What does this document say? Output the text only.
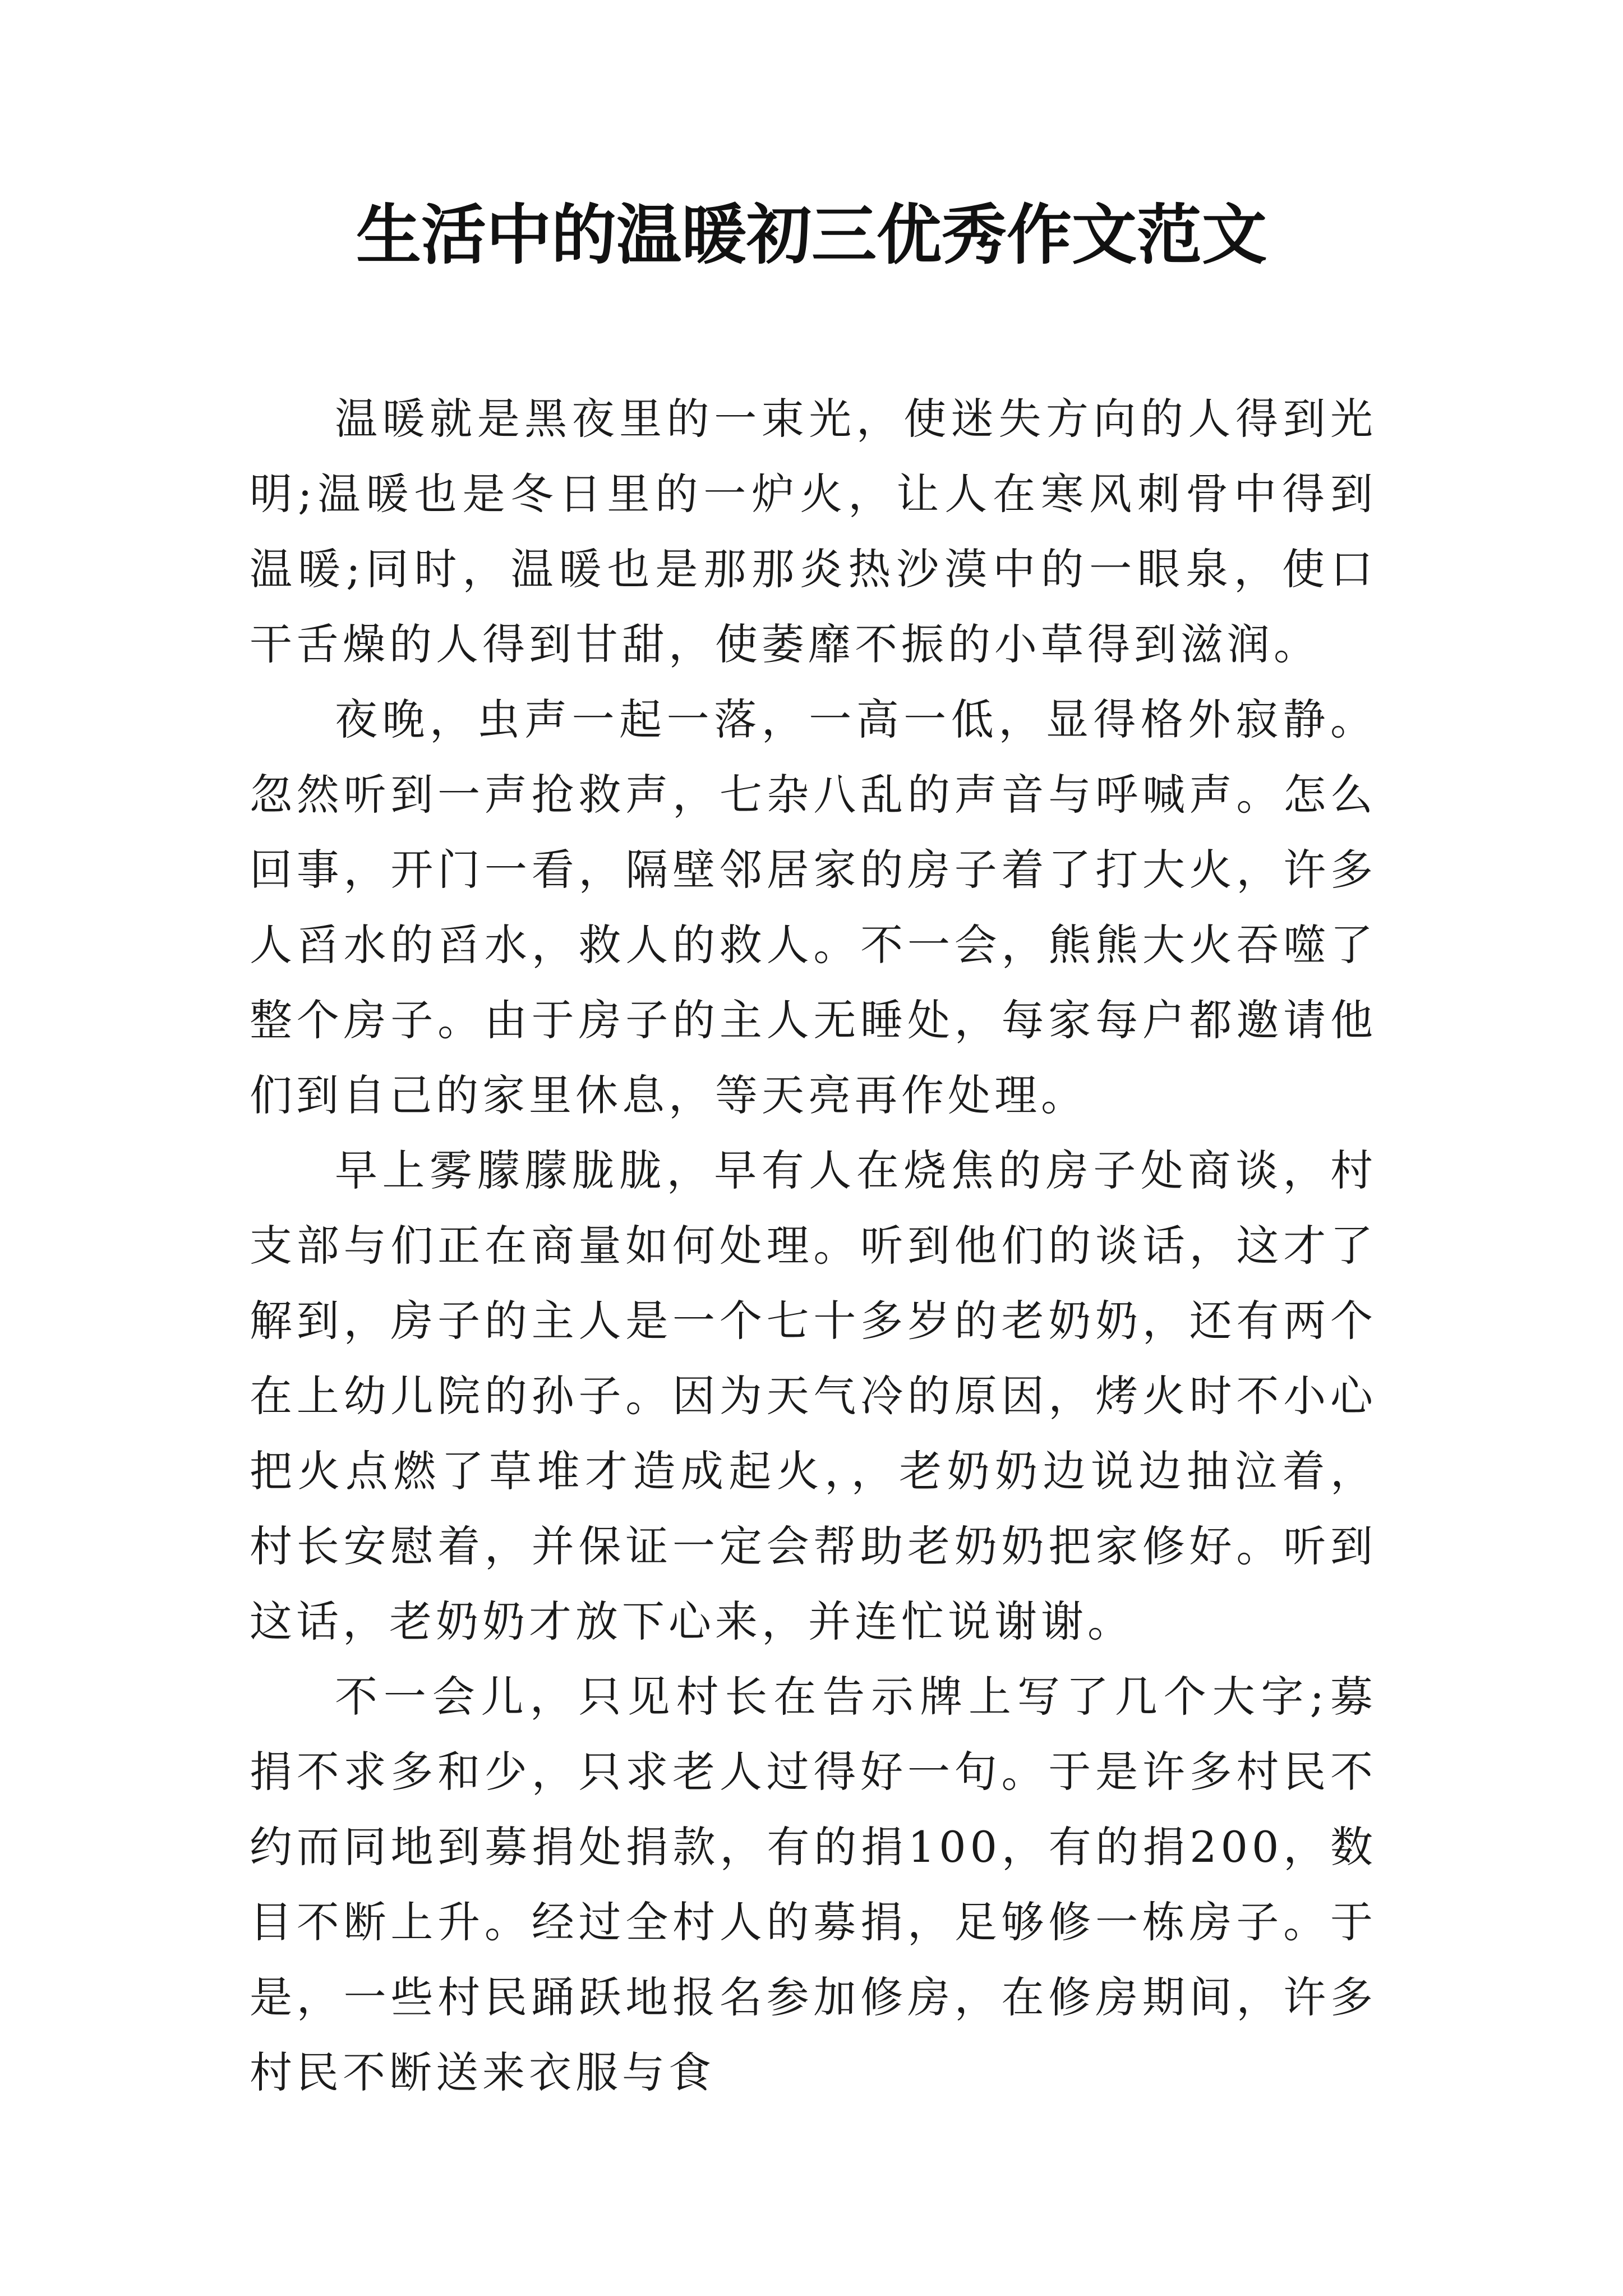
生活中的温暖初三优秀作文范文

温暖就是黑夜里的一束光，使迷失方向的人得到光明;温暖也是冬日里的一炉火，让人在寒风刺骨中得到温暖;同时，温暖也是那那炎热沙漠中的一眼泉，使口干舌燥的人得到甘甜，使萎靡不振的小草得到滋润。

夜晚，虫声一起一落，一高一低，显得格外寂静。忽然听到一声抢救声，七杂八乱的声音与呼喊声。怎么回事，开门一看，隔壁邻居家的房子着了打大火，许多人舀水的舀水，救人的救人。不一会，熊熊大火吞噬了整个房子。由于房子的主人无睡处，每家每户都邀请他们到自己的家里休息，等天亮再作处理。

早上雾朦朦胧胧，早有人在烧焦的房子处商谈，村支部与们正在商量如何处理。听到他们的谈话，这才了解到，房子的主人是一个七十多岁的老奶奶，还有两个在上幼儿院的孙子。因为天气冷的原因，烤火时不小心把火点燃了草堆才造成起火，，老奶奶边说边抽泣着，村长安慰着，并保证一定会帮助老奶奶把家修好。听到这话，老奶奶才放下心来，并连忙说谢谢。

不一会儿，只见村长在告示牌上写了几个大字;募捐不求多和少，只求老人过得好一句。于是许多村民不约而同地到募捐处捐款，有的捐100，有的捐200，数目不断上升。经过全村人的募捐，足够修一栋房子。于是，一些村民踊跃地报名参加修房，在修房期间，许多村民不断送来衣服与食
